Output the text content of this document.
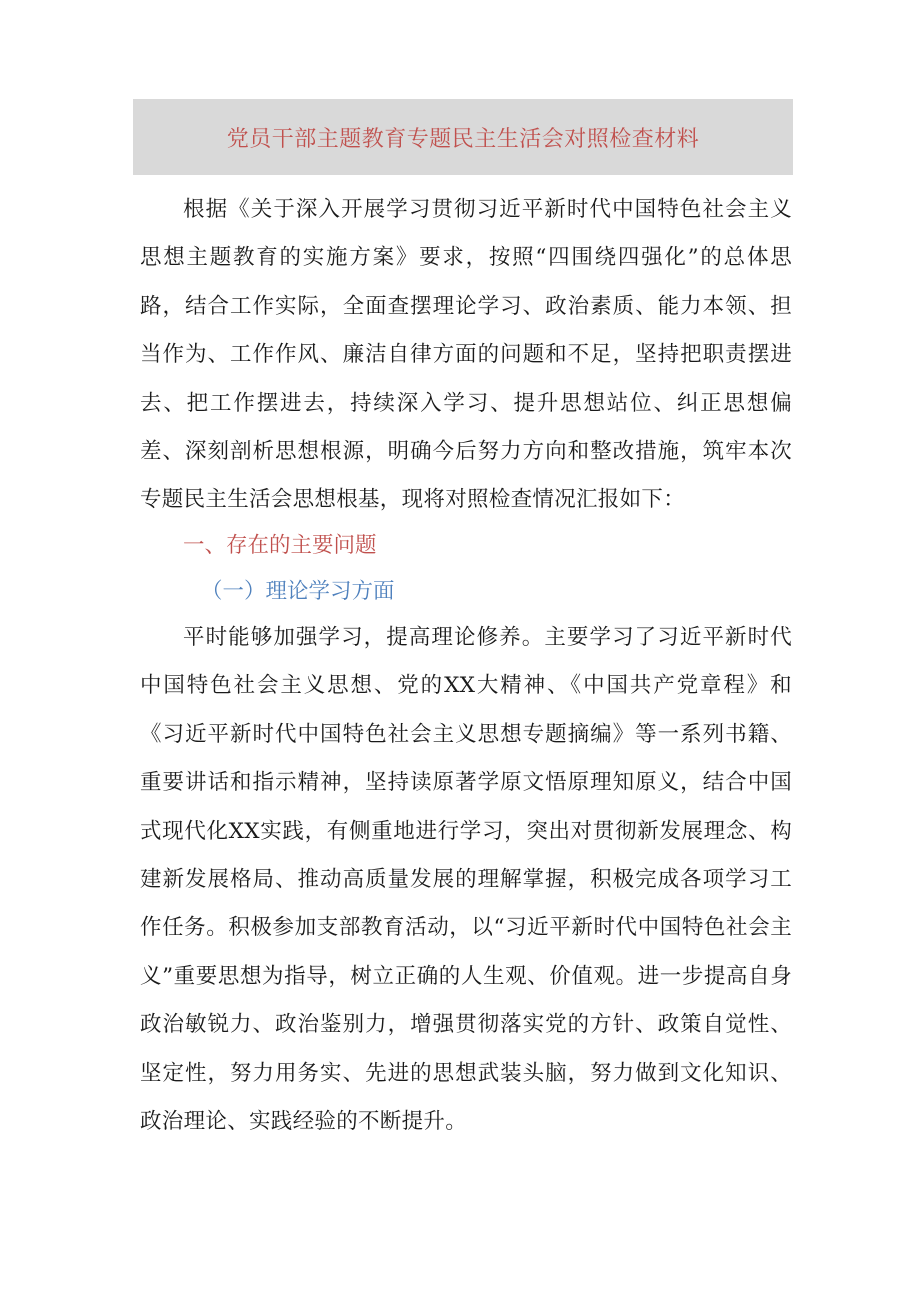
党员干部主题教育专题民主生活会对照检查材料

根据《关于深入开展学习贯彻习近平新时代中国特色社会主义思想主题教育的实施方案》要求，按照“四围绕四强化”的总体思路，结合工作实际，全面查摆理论学习、政治素质、能力本领、担当作为、工作作风、廉洁自律方面的问题和不足，坚持把职责摆进去、把工作摆进去，持续深入学习、提升思想站位、纠正思想偏差、深刻剖析思想根源，明确今后努力方向和整改措施，筑牢本次专题民主生活会思想根基，现将对照检查情况汇报如下：

一、存在的主要问题
（一）理论学习方面

平时能够加强学习，提高理论修养。主要学习了习近平新时代中国特色社会主义思想、党的XX大精神、《中国共产党章程》和《习近平新时代中国特色社会主义思想专题摘编》等一系列书籍、重要讲话和指示精神，坚持读原著学原文悟原理知原义，结合中国式现代化XX实践，有侧重地进行学习，突出对贯彻新发展理念、构建新发展格局、推动高质量发展的理解掌握，积极完成各项学习工作任务。积极参加支部教育活动，以“习近平新时代中国特色社会主义”重要思想为指导，树立正确的人生观、价值观。进一步提高自身政治敏锐力、政治鉴别力，增强贯彻落实党的方针、政策自觉性、坚定性，努力用务实、先进的思想武装头脑，努力做到文化知识、政治理论、实践经验的不断提升。
